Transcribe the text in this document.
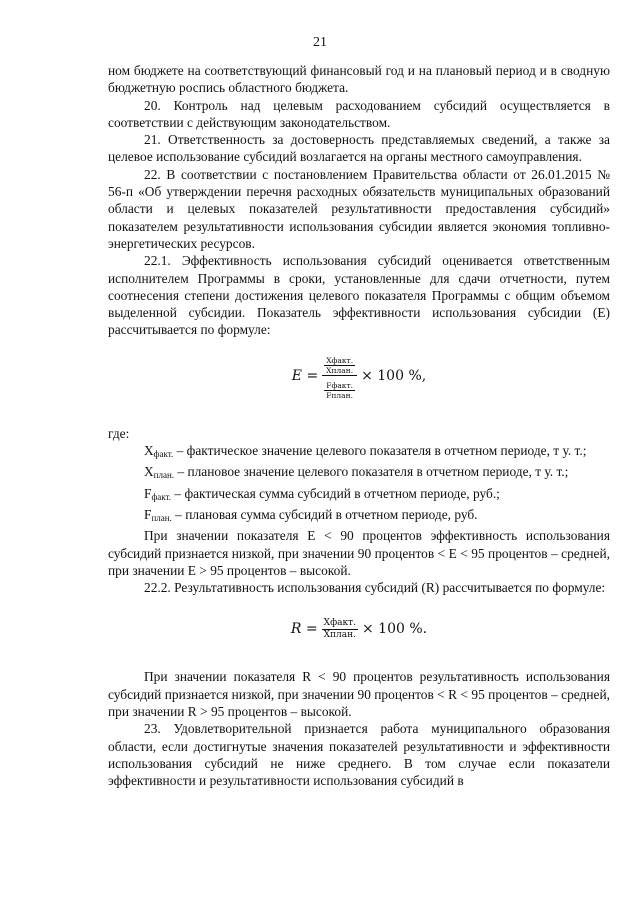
21

ном бюджете на соответствующий финансовый год и на плановый период и в сводную бюджетную роспись областного бюджета.

20. Контроль над целевым расходованием субсидий осуществляется в соответствии с действующим законодательством.

21. Ответственность за достоверность представляемых сведений, а также за целевое использование субсидий возлагается на органы местного самоуправления.

22. В соответствии с постановлением Правительства области от 26.01.2015 № 56-п «Об утверждении перечня расходных обязательств муниципальных образований области и целевых показателей результативности предоставления субсидий» показателем результативности использования субсидии является экономия топливно-энергетических ресурсов.

22.1. Эффективность использования субсидий оценивается ответственным исполнителем Программы в сроки, установленные для сдачи отчетности, путем соотнесения степени достижения целевого показателя Программы с общим объемом выделенной субсидии. Показатель эффективности использования субсидии (E) рассчитывается по формуле:

E = Xфакт.
Xплан.
Fфакт.
Fплан. × 100 %,

где:

$X_{факт.}$ – фактическое значение целевого показателя в отчетном периоде, т у. т.;

$X_{план.}$ – плановое значение целевого показателя в отчетном периоде, т у. т.;

$F_{факт.}$ – фактическая сумма субсидий в отчетном периоде, руб.;

$F_{план.}$ – плановая сумма субсидий в отчетном периоде, руб.

При значении показателя E < 90 процентов эффективность использования субсидий признается низкой, при значении 90 процентов < E < 95 процентов – средней, при значении E > 95 процентов – высокой.

22.2. Результативность использования субсидий (R) рассчитывается по формуле:

$R = \frac{\text{Xфакт.}}{\text{Xплан.}} \times 100$ %.

При значении показателя R < 90 процентов результативность использования субсидий признается низкой, при значении 90 процентов < R < 95 процентов – средней, при значении R > 95 процентов – высокой.

23. Удовлетворительной признается работа муниципального образования области, если достигнутые значения показателей результативности и эффективности использования субсидий не ниже среднего. В том случае если показатели эффективности и результативности использования субсидий в
